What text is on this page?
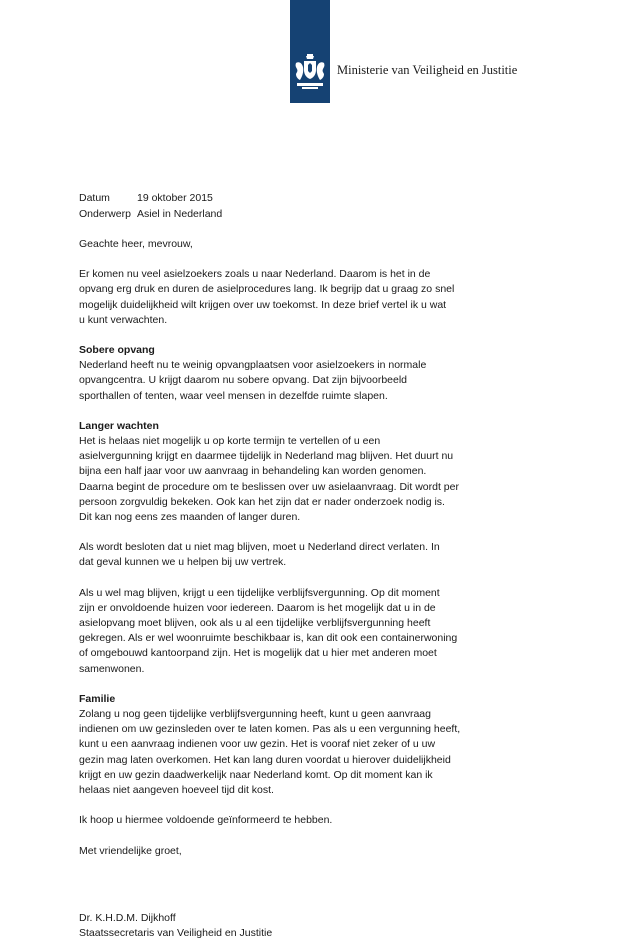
Ministerie van Veiligheid en Justitie
Datum	19 oktober 2015
Onderwerp Asiel in Nederland

Geachte heer, mevrouw,

Er komen nu veel asielzoekers zoals u naar Nederland. Daarom is het in de
opvang erg druk en duren de asielprocedures lang. Ik begrijp dat u graag zo snel
mogelijk duidelijkheid wilt krijgen over uw toekomst. In deze brief vertel ik u wat
u kunt verwachten.

Sobere opvang

Nederland heeft nu te weinig opvangplaatsen voor asielzoekers in normale
opvangcentra. U krijgt daarom nu sobere opvang. Dat zijn bijvoorbeeld
sporthallen of tenten, waar veel mensen in dezelfde ruimte slapen.

Langer wachten

Het is helaas niet mogelijk u op korte termijn te vertellen of u een
asielvergunning krijgt en daarmee tijdelijk in Nederland mag blijven. Het duurt nu
bijna een half jaar voor uw aanvraag in behandeling kan worden genomen.
Daarna begint de procedure om te beslissen over uw asielaanvraag. Dit wordt per
persoon zorgvuldig bekeken. Ook kan het zijn dat er nader onderzoek nodig is.
Dit kan nog eens zes maanden of langer duren.

Als wordt besloten dat u niet mag blijven, moet u Nederland direct verlaten. In
dat geval kunnen we u helpen bij uw vertrek.

Als u wel mag blijven, krijgt u een tijdelijke verblijfsvergunning. Op dit moment
zijn er onvoldoende huizen voor iedereen. Daarom is het mogelijk dat u in de
asielopvang moet blijven, ook als u al een tijdelijke verblijfsvergunning heeft
gekregen. Als er wel woonruimte beschikbaar is, kan dit ook een containerwoning
of omgebouwd kantoorpand zijn. Het is mogelijk dat u hier met anderen moet
samenwonen.

Familie

Zolang u nog geen tijdelijke verblijfsvergunning heeft, kunt u geen aanvraag
indienen om uw gezinsleden over te laten komen. Pas als u een vergunning heeft,
kunt u een aanvraag indienen voor uw gezin. Het is vooraf niet zeker of u uw
gezin mag laten overkomen. Het kan lang duren voordat u hierover duidelijkheid
krijgt en uw gezin daadwerkelijk naar Nederland komt. Op dit moment kan ik
helaas niet aangeven hoeveel tijd dit kost.

Ik hoop u hiermee voldoende geïnformeerd te hebben.

Met vriendelijke groet,

Dr. K.H.D.M. Dijkhoff

Staatssecretaris van Veiligheid en Justitie
